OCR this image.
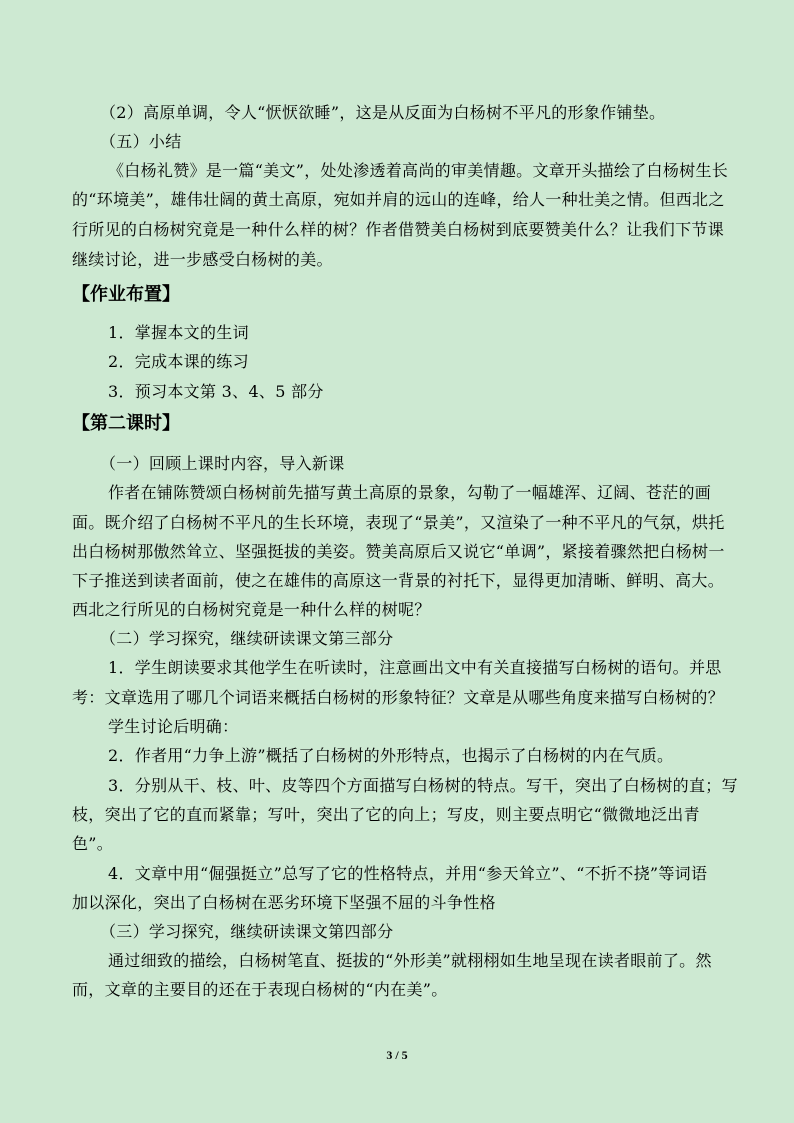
（2）高原单调，令人“恹恹欲睡”，这是从反面为白杨树不平凡的形象作铺垫。
（五）小结
《白杨礼赞》是一篇“美文”，处处渗透着高尚的审美情趣。文章开头描绘了白杨树生长
的“环境美”，雄伟壮阔的黄土高原，宛如并肩的远山的连峰，给人一种壮美之情。但西北之
行所见的白杨树究竟是一种什么样的树？作者借赞美白杨树到底要赞美什么？让我们下节课
继续讨论，进一步感受白杨树的美。
【作业布置】
1．掌握本文的生词
2．完成本课的练习
3．预习本文第 3、4、5 部分
【第二课时】
（一）回顾上课时内容，导入新课
作者在铺陈赞颂白杨树前先描写黄土高原的景象，勾勒了一幅雄浑、辽阔、苍茫的画
面。既介绍了白杨树不平凡的生长环境，表现了“景美”，又渲染了一种不平凡的气氛，烘托
出白杨树那傲然耸立、坚强挺拔的美姿。赞美高原后又说它“单调”，紧接着骤然把白杨树一
下子推送到读者面前，使之在雄伟的高原这一背景的衬托下，显得更加清晰、鲜明、高大。
西北之行所见的白杨树究竟是一种什么样的树呢？
（二）学习探究，继续研读课文第三部分
1．学生朗读要求其他学生在听读时，注意画出文中有关直接描写白杨树的语句。并思
考：文章选用了哪几个词语来概括白杨树的形象特征？文章是从哪些角度来描写白杨树的？
学生讨论后明确：
2．作者用“力争上游”概括了白杨树的外形特点，也揭示了白杨树的内在气质。
3．分别从干、枝、叶、皮等四个方面描写白杨树的特点。写干，突出了白杨树的直；写
枝，突出了它的直而紧靠；写叶，突出了它的向上；写皮，则主要点明它“微微地泛出青
色”。
4．文章中用“倔强挺立”总写了它的性格特点，并用“参天耸立”、“不折不挠”等词语
加以深化，突出了白杨树在恶劣环境下坚强不屈的斗争性格
（三）学习探究，继续研读课文第四部分
通过细致的描绘，白杨树笔直、挺拔的“外形美”就栩栩如生地呈现在读者眼前了。然
而，文章的主要目的还在于表现白杨树的“内在美”。
3 / 5
